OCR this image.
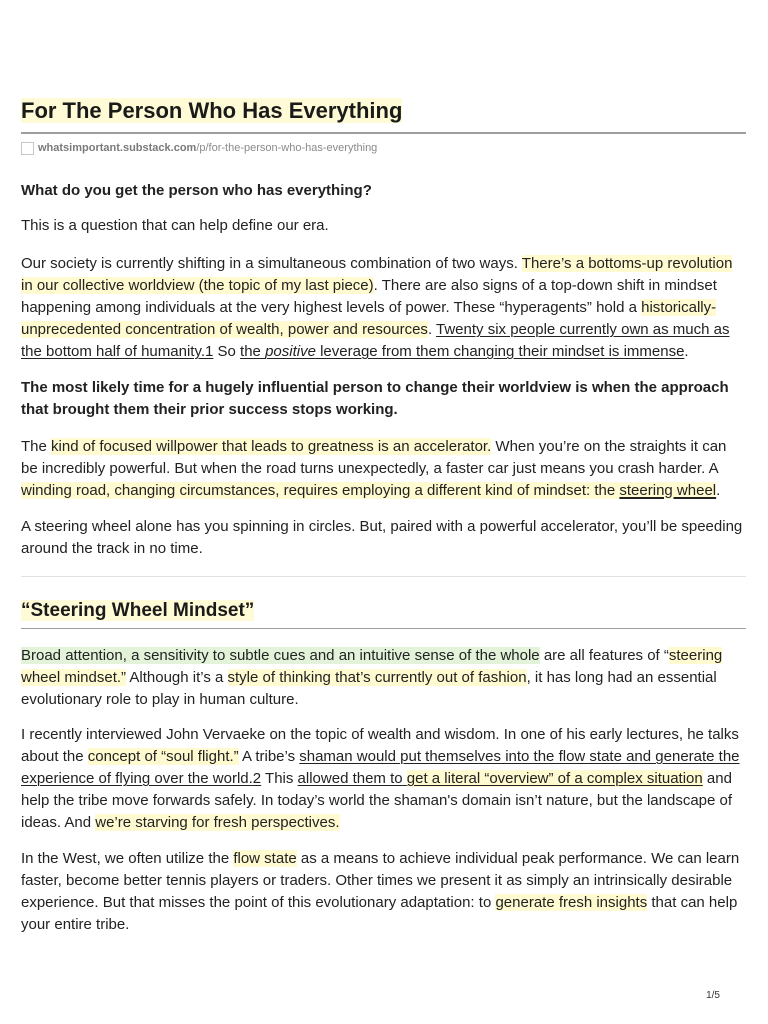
For The Person Who Has Everything
whatsimportant.substack.com /p/for-the-person-who-has-everything

What do you get the person who has everything?

This is a question that can help define our era.

Our society is currently shifting in a simultaneous combination of two ways. There’s a bottoms-up revolution in our collective worldview (the topic of my last piece). There are also signs of a top-down shift in mindset happening among individuals at the very highest levels of power. These “hyperagents” hold a historically-unprecedented concentration of wealth, power and resources. Twenty six people currently own as much as the bottom half of humanity.1 So the positive leverage from them changing their mindset is immense.

The most likely time for a hugely influential person to change their worldview is when the approach that brought them their prior success stops working.

The kind of focused willpower that leads to greatness is an accelerator. When you’re on the straights it can be incredibly powerful. But when the road turns unexpectedly, a faster car just means you crash harder. A winding road, changing circumstances, requires employing a different kind of mindset: the steering wheel.

A steering wheel alone has you spinning in circles. But, paired with a powerful accelerator, you’ll be speeding around the track in no time.

“Steering Wheel Mindset”

Broad attention, a sensitivity to subtle cues and an intuitive sense of the whole are all features of “steering wheel mindset.” Although it’s a style of thinking that’s currently out of fashion, it has long had an essential evolutionary role to play in human culture.

I recently interviewed John Vervaeke on the topic of wealth and wisdom. In one of his early lectures, he talks about the concept of “soul flight.” A tribe’s shaman would put themselves into the flow state and generate the experience of flying over the world.2 This allowed them to get a literal “overview” of a complex situation and help the tribe move forwards safely. In today’s world the shaman's domain isn’t nature, but the landscape of ideas. And we’re starving for fresh perspectives.

In the West, we often utilize the flow state as a means to achieve individual peak performance. We can learn faster, become better tennis players or traders. Other times we present it as simply an intrinsically desirable experience. But that misses the point of this evolutionary adaptation: to generate fresh insights that can help your entire tribe.

1/5
